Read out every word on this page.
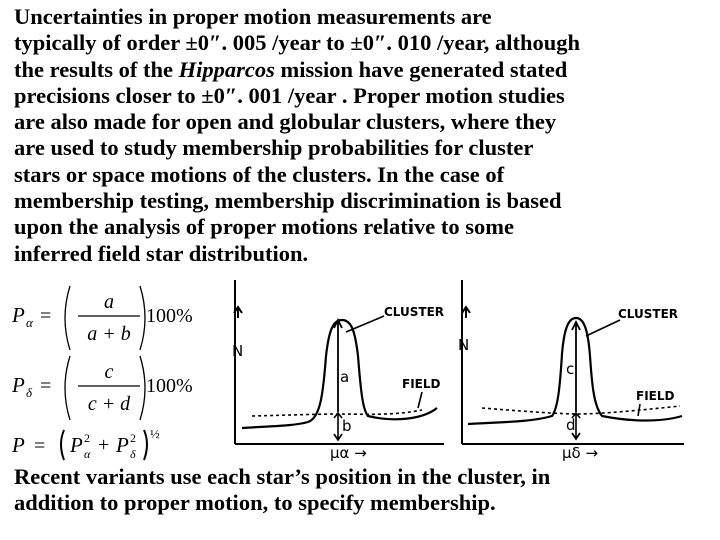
Uncertainties in proper motion measurements are
typically of order ±0″. 005 /year to ±0″. 010 /year, although
the results of the Hipparcos mission have generated stated
precisions closer to ±0″. 001 /year . Proper motion studies
are also made for open and globular clusters, where they
are used to study membership probabilities for cluster
stars or space motions of the clusters. In the case of
membership testing, membership discrimination is based
upon the analysis of proper motions relative to some
inferred field star distribution.
P α =
a
a + b
100%
P δ =
c
c + d
100%
P = P 2
α + P 2
δ
½
N
a
b
CLUSTER
FIELD
μα →
N
c
d
CLUSTER
FIELD
μδ →
Recent variants use each star’s position in the cluster, in
addition to proper motion, to specify membership.
